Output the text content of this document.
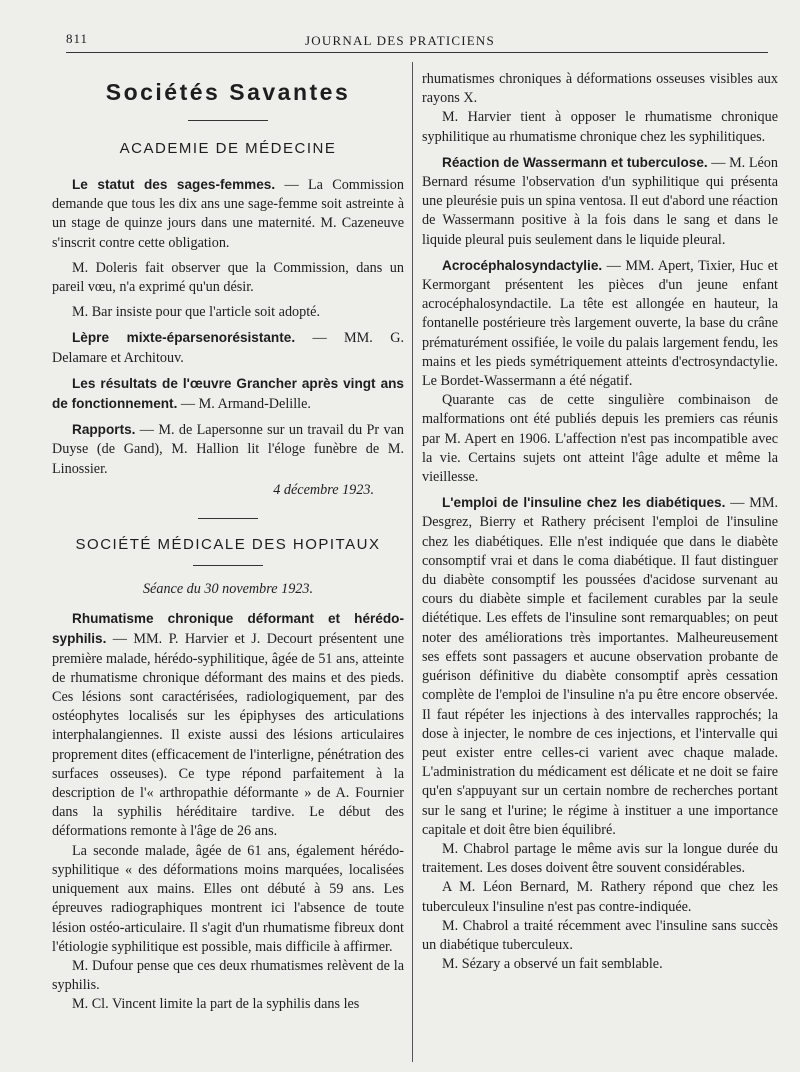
811	JOURNAL DES PRATICIENS
Sociétés Savantes
ACADEMIE DE MÉDECINE

Le statut des sages-femmes. — La Commission demande que tous les dix ans une sage-femme soit astreinte à un stage de quinze jours dans une maternité. M. Cazeneuve s'inscrit contre cette obligation.

M. Doleris fait observer que la Commission, dans un pareil vœu, n'a exprimé qu'un désir.

M. Bar insiste pour que l'article soit adopté.

Lèpre mixte-éparsenorésistante. — MM. G. Delamare et Architouv.

Les résultats de l'œuvre Grancher après vingt ans de fonctionnement. — M. Armand-Delille.

Rapports. — M. de Lapersonne sur un travail du Pr van Duyse (de Gand), M. Hallion lit l'éloge funèbre de M. Linossier.

4 décembre 1923.

SOCIÉTÉ MÉDICALE DES HOPITAUX

Séance du 30 novembre 1923.

Rhumatisme chronique déformant et hérédo-syphilis. — MM. P. Harvier et J. Decourt présentent une première malade, hérédo-syphilitique, âgée de 51 ans, atteinte de rhumatisme chronique déformant des mains et des pieds. Ces lésions sont caractérisées, radiologiquement, par des ostéophytes localisés sur les épiphyses des articulations interphalangiennes. Il existe aussi des lésions articulaires proprement dites (efficacement de l'interligne, pénétration des surfaces osseuses). Ce type répond parfaitement à la description de l'« arthropathie déformante » de A. Fournier dans la syphilis héréditaire tardive. Le début des déformations remonte à l'âge de 26 ans.

La seconde malade, âgée de 61 ans, également hérédo-syphilitique « des déformations moins marquées, localisées uniquement aux mains. Elles ont débuté à 59 ans. Les épreuves radiographiques montrent ici l'absence de toute lésion ostéo-articulaire. Il s'agit d'un rhumatisme fibreux dont l'étiologie syphilitique est possible, mais difficile à affirmer.

M. Dufour pense que ces deux rhumatismes relèvent de la syphilis.

M. Cl. Vincent limite la part de la syphilis dans les

rhumatismes chroniques à déformations osseuses visibles aux rayons X.

M. Harvier tient à opposer le rhumatisme chronique syphilitique au rhumatisme chronique chez les syphilitiques.

Réaction de Wassermann et tuberculose. — M. Léon Bernard résume l'observation d'un syphilitique qui présenta une pleurésie puis un spina ventosa. Il eut d'abord une réaction de Wassermann positive à la fois dans le sang et dans le liquide pleural puis seulement dans le liquide pleural.

Acrocéphalosyndactylie. — MM. Apert, Tixier, Huc et Kermorgant présentent les pièces d'un jeune enfant acrocéphalosyndactile. La tête est allongée en hauteur, la fontanelle postérieure très largement ouverte, la base du crâne prématurément ossifiée, le voile du palais largement fendu, les mains et les pieds symétriquement atteints d'ectrosyndactylie. Le Bordet-Wassermann a été négatif.

Quarante cas de cette singulière combinaison de malformations ont été publiés depuis les premiers cas réunis par M. Apert en 1906. L'affection n'est pas incompatible avec la vie. Certains sujets ont atteint l'âge adulte et même la vieillesse.

L'emploi de l'insuline chez les diabétiques. — MM. Desgrez, Bierry et Rathery précisent l'emploi de l'insuline chez les diabétiques. Elle n'est indiquée que dans le diabète consomptif vrai et dans le coma diabétique. Il faut distinguer du diabète consomptif les poussées d'acidose survenant au cours du diabète simple et facilement curables par la seule diététique. Les effets de l'insuline sont remarquables; on peut noter des améliorations très importantes. Malheureusement ses effets sont passagers et aucune observation probante de guérison définitive du diabète consomptif après cessation complète de l'emploi de l'insuline n'a pu être encore observée. Il faut répéter les injections à des intervalles rapprochés; la dose à injecter, le nombre de ces injections, et l'intervalle qui peut exister entre celles-ci varient avec chaque malade. L'administration du médicament est délicate et ne doit se faire qu'en s'appuyant sur un certain nombre de recherches portant sur le sang et l'urine; le régime à instituer a une importance capitale et doit être bien équilibré.

M. Chabrol partage le même avis sur la longue durée du traitement. Les doses doivent être souvent considérables.

A M. Léon Bernard, M. Rathery répond que chez les tuberculeux l'insuline n'est pas contre-indiquée.

M. Chabrol a traité récemment avec l'insuline sans succès un diabétique tuberculeux.

M. Sézary a observé un fait semblable.
